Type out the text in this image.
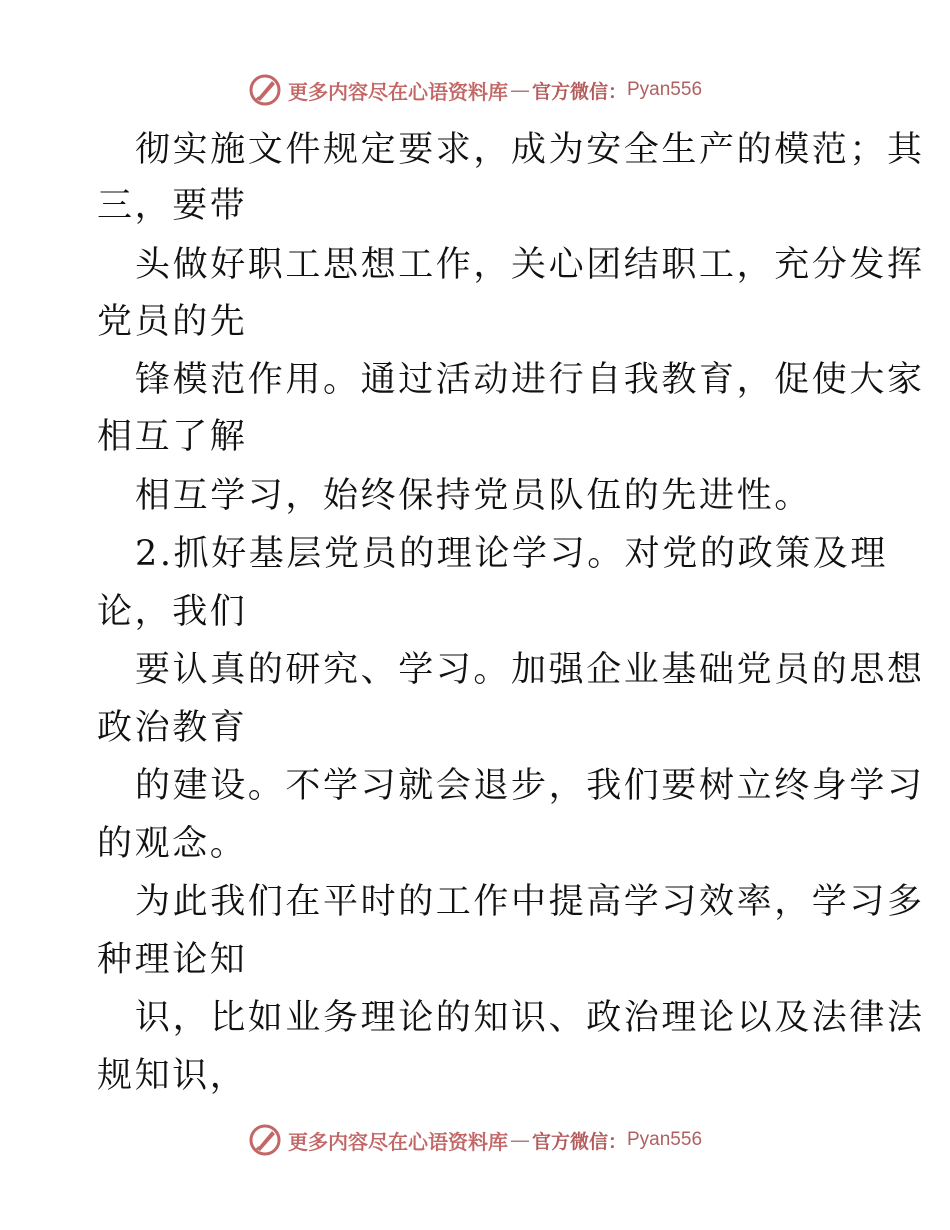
更多内容尽在心语资料库 — 官方微信： Pyan556
彻实施文件规定要求，成为安全生产的模范；其
三，要带
头做好职工思想工作，关心团结职工，充分发挥
党员的先
锋模范作用。通过活动进行自我教育，促使大家
相互了解
相互学习，始终保持党员队伍的先进性。
2.抓好基层党员的理论学习。对党的政策及理
论，我们
要认真的研究、学习。加强企业基础党员的思想
政治教育
的建设。不学习就会退步，我们要树立终身学习
的观念。
为此我们在平时的工作中提高学习效率，学习多
种理论知
识，比如业务理论的知识、政治理论以及法律法
规知识，
更多内容尽在心语资料库 — 官方微信： Pyan556
